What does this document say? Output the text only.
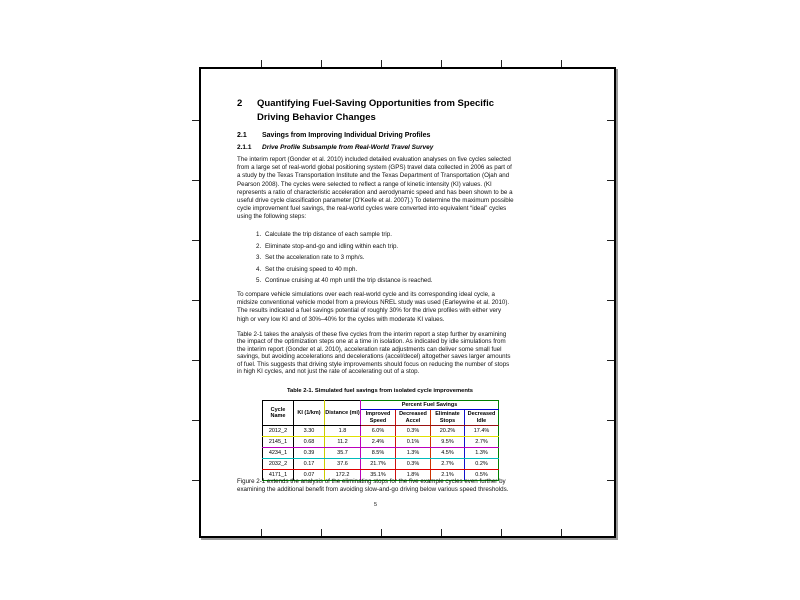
2	Quantifying Fuel-Saving Opportunities from Specific Driving Behavior Changes
2.1	Savings from Improving Individual Driving Profiles
2.1.1	Drive Profile Subsample from Real-World Travel Survey
The interim report (Gonder et al. 2010) included detailed evaluation analyses on five cycles selected from a large set of real-world global positioning system (GPS) travel data collected in 2006 as part of a study by the Texas Transportation Institute and the Texas Department of Transportation (Ojah and Pearson 2008). The cycles were selected to reflect a range of kinetic intensity (KI) values. (KI represents a ratio of characteristic acceleration and aerodynamic speed and has been shown to be a useful drive cycle classification parameter [O'Keefe et al. 2007].) To determine the maximum possible cycle improvement fuel savings, the real-world cycles were converted into equivalent “ideal” cycles using the following steps:
1. Calculate the trip distance of each sample trip.
2. Eliminate stop-and-go and idling within each trip.
3. Set the acceleration rate to 3 mph/s.
4. Set the cruising speed to 40 mph.
5. Continue cruising at 40 mph until the trip distance is reached.
To compare vehicle simulations over each real-world cycle and its corresponding ideal cycle, a midsize conventional vehicle model from a previous NREL study was used (Earleywine et al. 2010). The results indicated a fuel savings potential of roughly 30% for the drive profiles with either very high or very low KI and of 30%–40% for the cycles with moderate KI values.
Table 2-1 takes the analysis of these five cycles from the interim report a step further by examining the impact of the optimization steps one at a time in isolation. As indicated by idle simulations from the interim report (Gonder et al. 2010), acceleration rate adjustments can deliver some small fuel savings, but avoiding accelerations and decelerations (accel/decel) altogether saves larger amounts of fuel. This suggests that driving style improvements should focus on reducing the number of stops in high KI cycles, and not just the rate of accelerating out of a stop.
Table 2-1. Simulated fuel savings from isolated cycle improvements
Cycle Name	KI (1/km)	Distance (mi)	Percent Fuel Savings			
			Improved Speed	Decreased Accel	Eliminate Stops	Decreased Idle
2012_2	3.30	1.8	6.0%	0.3%	20.2%	17.4%
2145_1	0.68	11.2	2.4%	0.1%	9.5%	2.7%
4234_1	0.39	35.7	8.5%	1.3%	4.5%	1.3%
2032_2	0.17	37.6	21.7%	0.3%	2.7%	0.2%
4171_1	0.07	172.2	35.1%	1.8%	2.1%	0.5%
Figure 2-1 extends the analysis of the eliminating stops for the five example cycles even further by examining the additional benefit from avoiding slow-and-go driving below various speed thresholds.
5
